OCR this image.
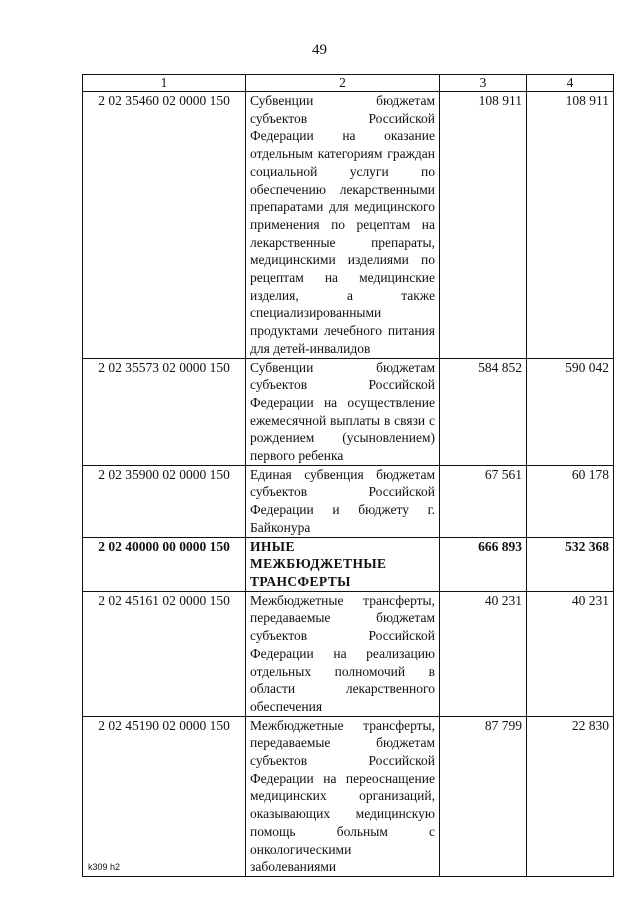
49
1	2	3	4
2 02 35460 02 0000 150	Субвенции бюджетам субъектов Российской Федерации на оказание отдельным категориям граждан социальной услуги по обеспечению лекарственными препаратами для медицинского применения по рецептам на лекарственные препараты, медицинскими изделиями по рецептам на медицинские изделия, а также специализированными продуктами лечебного питания для детей-инвалидов	108 911	108 911
2 02 35573 02 0000 150	Субвенции бюджетам субъектов Российской Федерации на осуществление ежемесячной выплаты в связи с рождением (усыновлением) первого ребенка	584 852	590 042
2 02 35900 02 0000 150	Единая субвенция бюджетам субъектов Российской Федерации и бюджету г. Байконура	67 561	60 178
2 02 40000 00 0000 150	ИНЫЕ МЕЖБЮДЖЕТНЫЕ ТРАНСФЕРТЫ	666 893	532 368
2 02 45161 02 0000 150	Межбюджетные трансферты, передаваемые бюджетам субъектов Российской Федерации на реализацию отдельных полномочий в области лекарственного обеспечения	40 231	40 231
2 02 45190 02 0000 150	Межбюджетные трансферты, передаваемые бюджетам субъектов Российской Федерации на переоснащение медицинских организаций, оказывающих медицинскую помощь больным с онкологическими заболеваниями	87 799	22 830
k309 h2
